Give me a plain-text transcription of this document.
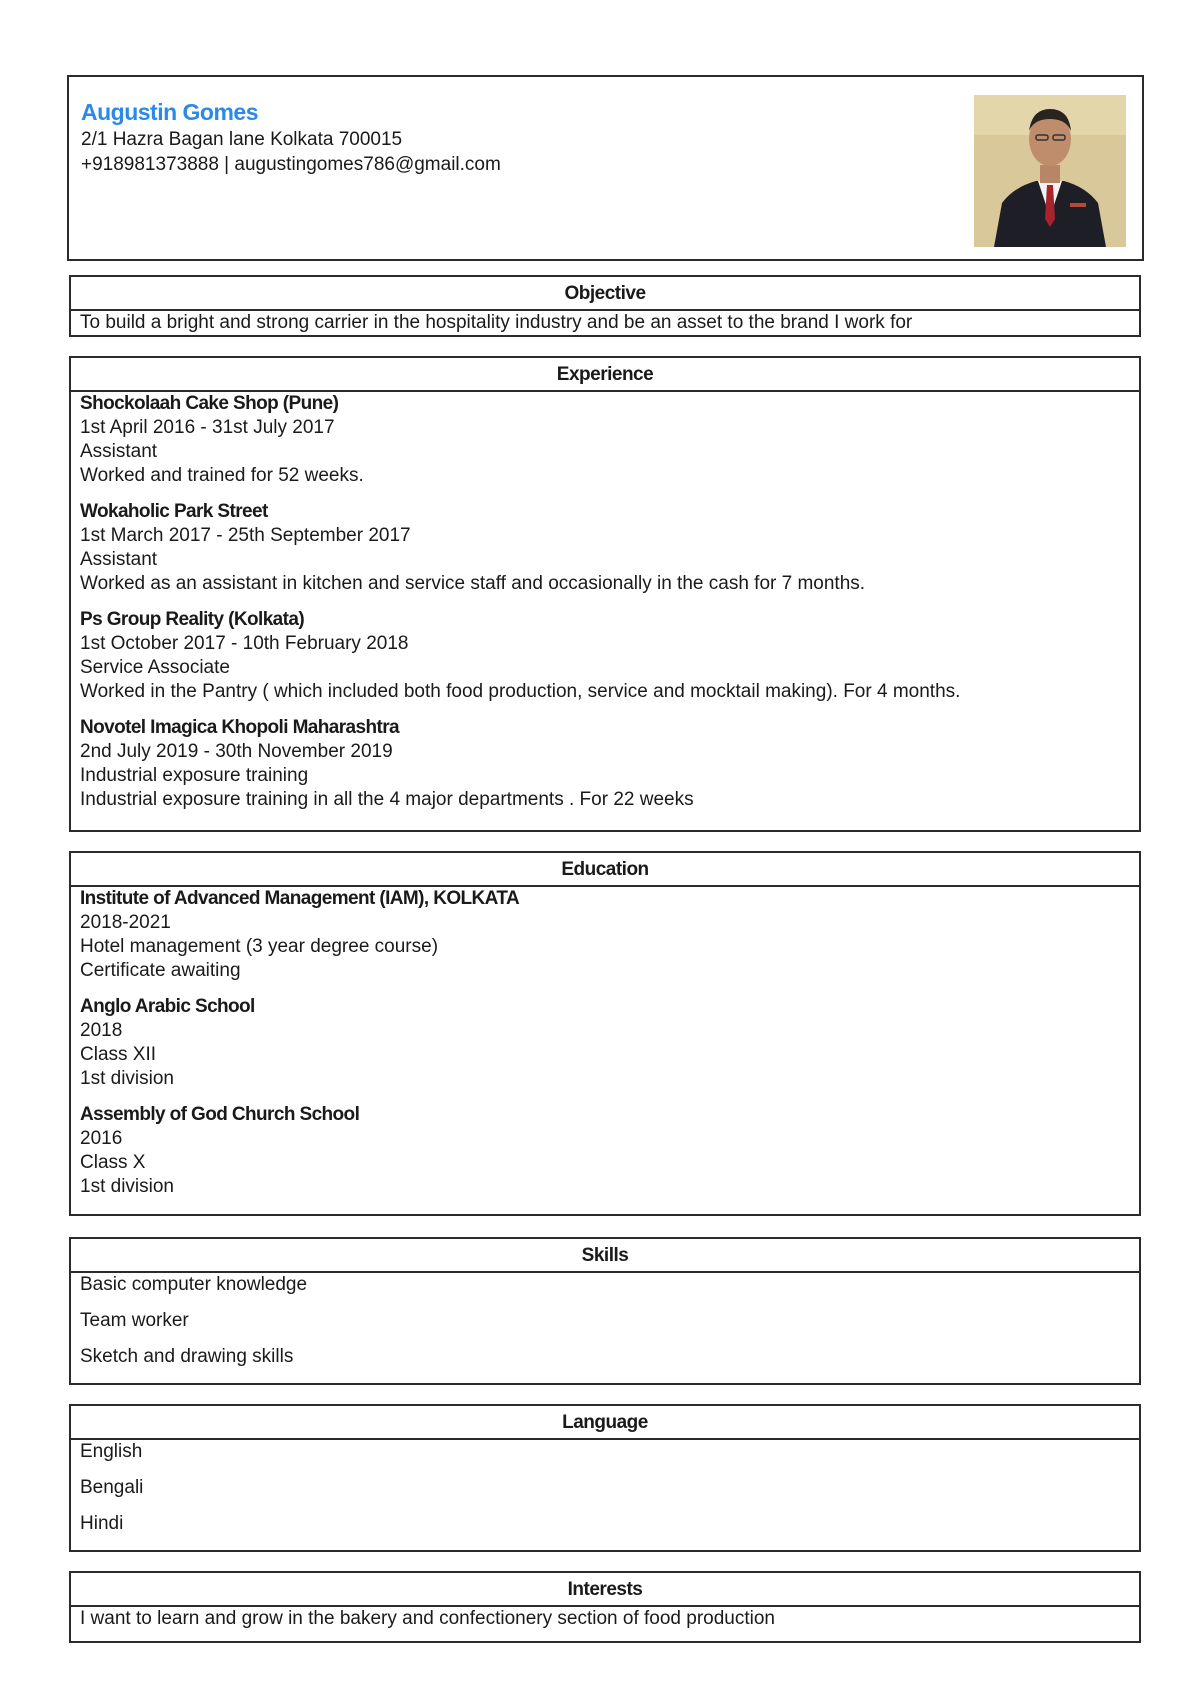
Augustin Gomes
2/1 Hazra Bagan lane Kolkata 700015
+918981373888 | augustingomes786@gmail.com
Objective
To build a bright and strong carrier in the hospitality industry and be an asset to the brand I work for
Experience
Shockolaah Cake Shop (Pune)
1st April 2016 - 31st July 2017
Assistant
Worked and trained for 52 weeks.
Wokaholic Park Street
1st March 2017 - 25th September 2017
Assistant
Worked as an assistant in kitchen and service staff and occasionally in the cash for 7 months.
Ps Group Reality (Kolkata)
1st October 2017 - 10th February 2018
Service Associate
Worked in the Pantry ( which included both food production, service and mocktail making). For 4 months.
Novotel Imagica Khopoli Maharashtra
2nd July 2019 - 30th November 2019
Industrial exposure training
Industrial exposure training in all the 4 major departments . For 22 weeks
Education
Institute of Advanced Management (IAM), KOLKATA
2018-2021
Hotel management (3 year degree course)
Certificate awaiting
Anglo Arabic School
2018
Class XII
1st division
Assembly of God Church School
2016
Class X
1st division
Skills
Basic computer knowledge
Team worker
Sketch and drawing skills
Language
English
Bengali
Hindi
Interests
I want to learn and grow in the bakery and confectionery section of food production
